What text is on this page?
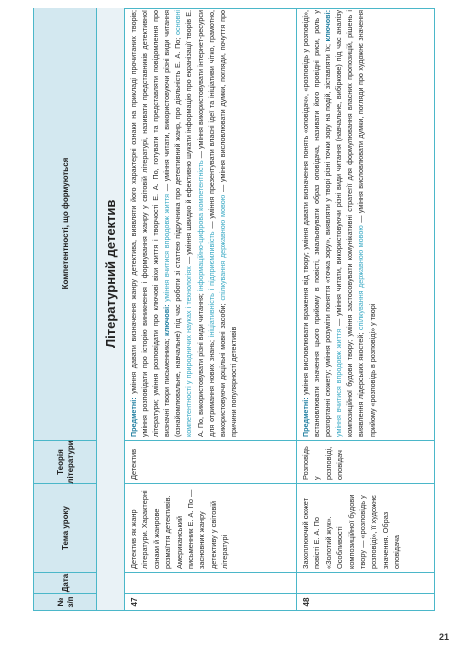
№ з/п
Дата
Тема уроку
Теорія літератури
Компетентності, що формуються	Літературний детектив
47
Детектив як жанр літератури. Характерні ознаки й жанрове розмаїття детективів. Американський письменник Е. А. По — засновник жанру детективу у світовій літературі
Детектив
Предметні: уміння давати визначення жанру детектива, виявляти його характерні ознаки на прикладі прочитаних творів; уміння розповідати про історію виникнення і формування жанру у світовій літературі, називати представників детективної літератури; уміння розповідати про ключові віхи життя і творчості Е. А. По, готувати та представляти повідомлення про визначні твори письменника; ключові: уміння вчитися впродовж життя — уміння читати, використовуючи різні види читання (ознайомлювальне, навчальне) під час роботи зі статтею підручника про детективний жанр, про діяльність Е. А. По; основні компетентності у природничих науках і технологіях — уміння швидко й ефективно шукати інформацію про екранізації творів Е. А. По, використовувати різні види читання; інформаційно-цифрова компетентність — уміння використовувати інтернет-ресурси для отримання нових знань; ініціативність і підприємливість — уміння презентувати власні ідеї та ініціативи чітко, грамотно, використовуючи доцільні мовні засоби; спілкування державною мовою — уміння висловлювати думки, погляди, почуття про причини популярності детективів
48
Захоплюючий сюжет повісті Е. А. По «Золотий жук». Особливості композиційної будови твору — «розповідь у розповіді», її художнє значення. Образ оповідача
Розповідь у розповіді, оповідач
Предметні: уміння висловлювати враження від твору; уміння давати визначення понять «оповідач», «розповідь у розповіді», встановлювати значення цього прийому в повісті, змальовувати образ оповідача, називати його провідні риси, роль у розгортанні сюжету; уміння розуміти поняття «точка зору», виявляти у творі різні точки зору на подій, зіставляти їх; ключові: уміння вчитися впродовж життя — уміння читати, використовуючи різні види читання (навчальне, вибіркове) під час аналізу композиційної будови твору; уміння застосовувати комунікативні стратегії для формулювання власних пропозицій, рішень і виявлення лідерських якостей; спілкування державною мовою — уміння висловлювати думки, погляди про художнє значення прийому «розповідь в розповіді» у творі
21
